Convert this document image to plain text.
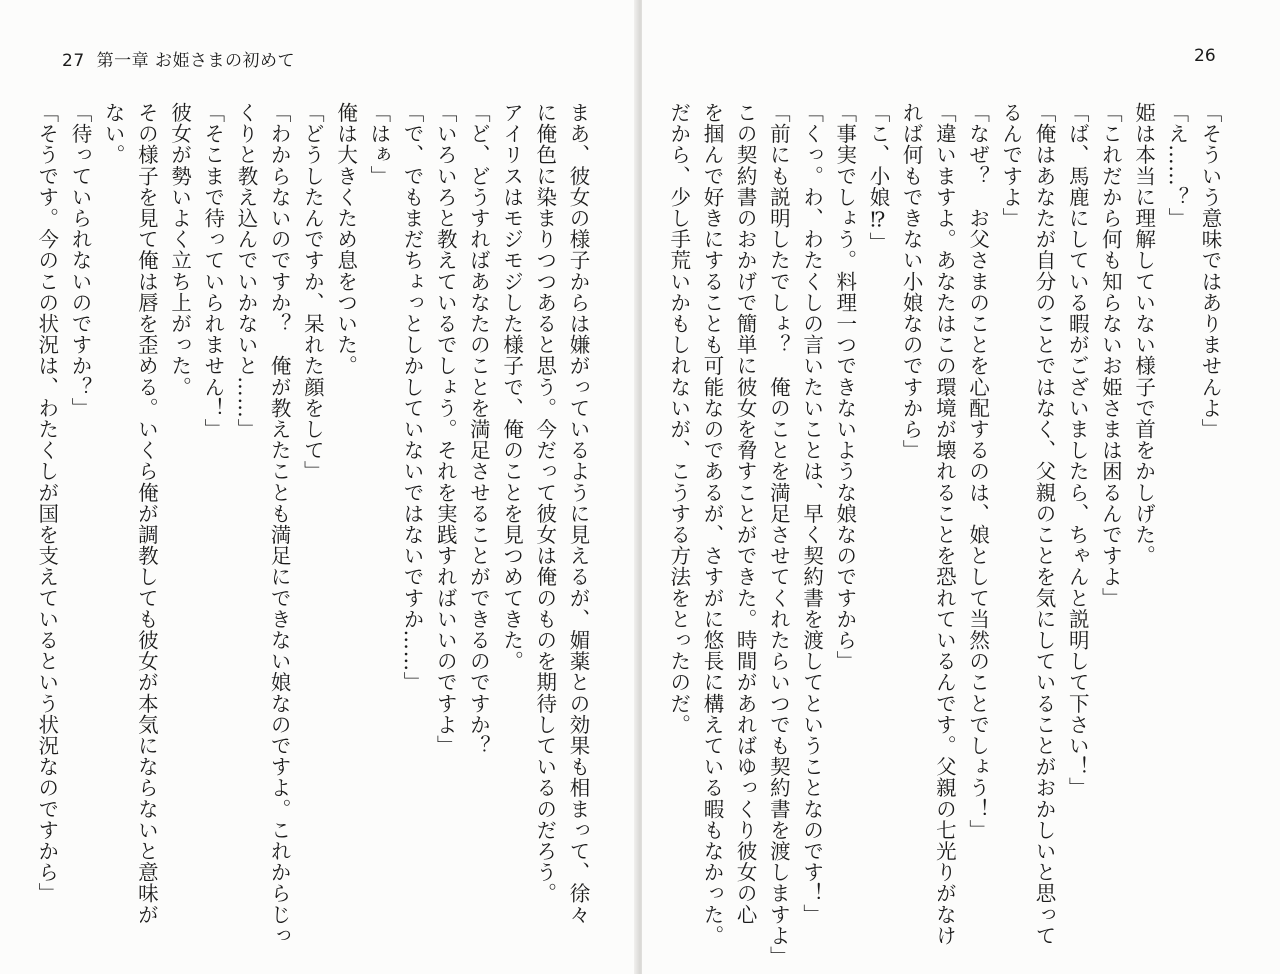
27 第一章 お姫さまの初めて
まあ、彼女の様子からは嫌がっているように見えるが、媚薬との効果も相まって、徐々
に俺色に染まりつつあると思う。今だって彼女は俺のものを期待しているのだろう。
アイリスはモジモジした様子で、俺のことを見つめてきた。
「ど、どうすればあなたのことを満足させることができるのですか？
「いろいろと教えているでしょう。それを実践すればいいのですよ」
「で、でもまだちょっとしかしていないではないですか……」
「はぁ」
俺は大きくため息をついた。
「どうしたんですか、呆れた顔をして」
「わからないのですか？　俺が教えたことも満足にできない娘なのですよ。これからじっ
くりと教え込んでいかないと……」
「そこまで待っていられません！」
彼女が勢いよく立ち上がった。
その様子を見て俺は唇を歪める。いくら俺が調教しても彼女が本気にならないと意味が
ない。
「待っていられないのですか？」
「そうです。今のこの状況は、わたくしが国を支えているという状況なのですから」
26
「そういう意味ではありませんよ」
「え……？」
姫は本当に理解していない様子で首をかしげた。
「これだから何も知らないお姫さまは困るんですよ」
「ば、馬鹿にしている暇がございましたら、ちゃんと説明して下さい！」
「俺はあなたが自分のことではなく、父親のことを気にしていることがおかしいと思って
るんですよ」
「なぜ？　お父さまのことを心配するのは、娘として当然のことでしょう！」
「違いますよ。あなたはこの環境が壊れることを恐れているんです。父親の七光りがなけ
れば何もできない小娘なのですから」
「こ、小娘⁉」
「事実でしょう。料理一つできないような娘なのですから」
「くっ。わ、わたくしの言いたいことは、早く契約書を渡してということなのです！」
「前にも説明したでしょ？　俺のことを満足させてくれたらいつでも契約書を渡しますよ」
この契約書のおかげで簡単に彼女を脅すことができた。時間があればゆっくり彼女の心
を掴んで好きにすることも可能なのであるが、さすがに悠長に構えている暇もなかった。
だから、少し手荒いかもしれないが、こうする方法をとったのだ。
